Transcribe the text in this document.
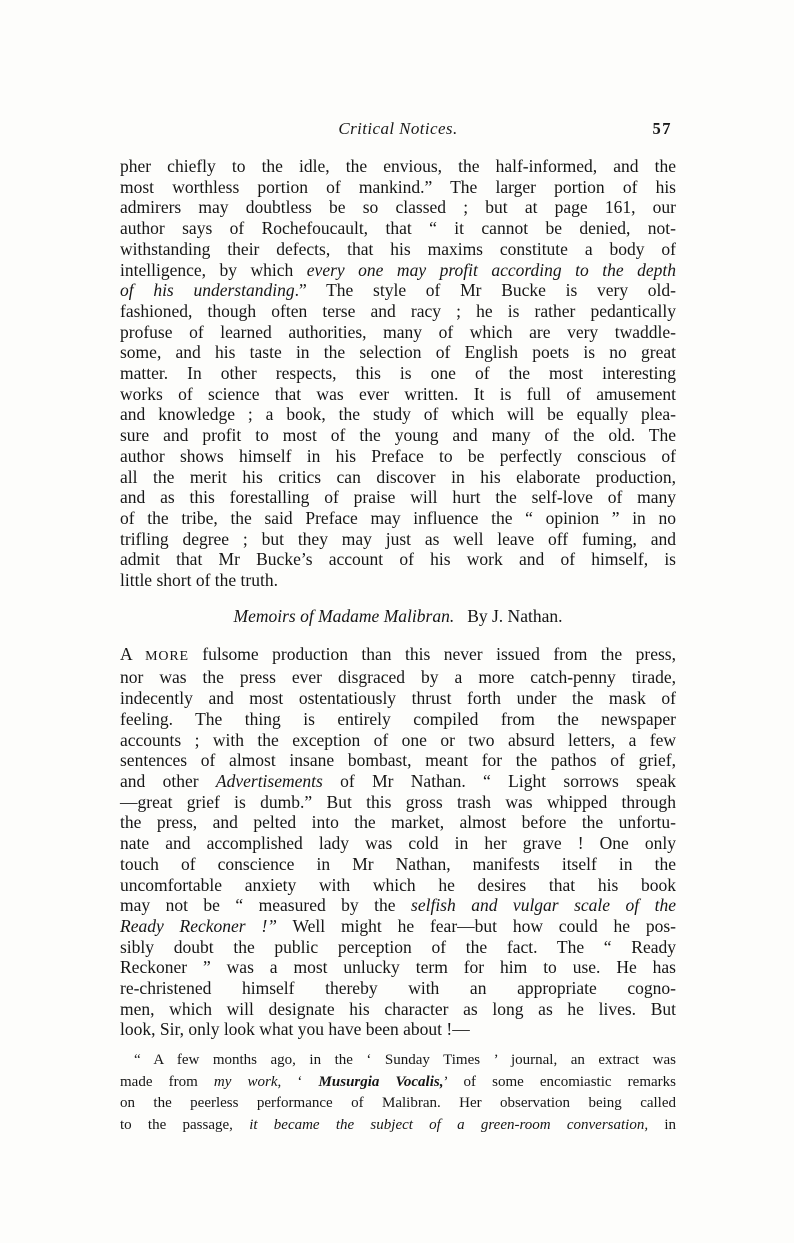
Critical Notices.	57
pher chiefly to the idle, the envious, the half-informed, and the
most worthless portion of mankind.” The larger portion of his
admirers may doubtless be so classed ; but at page 161, our
author says of Rochefoucault, that “ it cannot be denied, not-
withstanding their defects, that his maxims constitute a body of
intelligence, by which every one may profit according to the depth
of his understanding.” The style of Mr Bucke is very old-
fashioned, though often terse and racy ; he is rather pedantically
profuse of learned authorities, many of which are very twaddle-
some, and his taste in the selection of English poets is no great
matter. In other respects, this is one of the most interesting
works of science that was ever written. It is full of amusement
and knowledge ; a book, the study of which will be equally plea-
sure and profit to most of the young and many of the old. The
author shows himself in his Preface to be perfectly conscious of
all the merit his critics can discover in his elaborate production,
and as this forestalling of praise will hurt the self-love of many
of the tribe, the said Preface may influence the “ opinion ” in no
trifling degree ; but they may just as well leave off fuming, and
admit that Mr Bucke’s account of his work and of himself, is
little short of the truth.
Memoirs of Madame Malibran. By J. Nathan.
A MORE fulsome production than this never issued from the press,
nor was the press ever disgraced by a more catch-penny tirade,
indecently and most ostentatiously thrust forth under the mask of
feeling. The thing is entirely compiled from the newspaper
accounts ; with the exception of one or two absurd letters, a few
sentences of almost insane bombast, meant for the pathos of grief,
and other Advertisements of Mr Nathan. “ Light sorrows speak
—great grief is dumb.” But this gross trash was whipped through
the press, and pelted into the market, almost before the unfortu-
nate and accomplished lady was cold in her grave ! One only
touch of conscience in Mr Nathan, manifests itself in the
uncomfortable anxiety with which he desires that his book
may not be “ measured by the selfish and vulgar scale of the
Ready Reckoner !” Well might he fear—but how could he pos-
sibly doubt the public perception of the fact. The “ Ready
Reckoner ” was a most unlucky term for him to use. He has
re-christened himself thereby with an appropriate cogno-
men, which will designate his character as long as he lives. But
look, Sir, only look what you have been about !—
“ A few months ago, in the ‘ Sunday Times ’ journal, an extract was
made from my work, ‘ Musurgia Vocalis,’ of some encomiastic remarks
on the peerless performance of Malibran. Her observation being called
to the passage, it became the subject of a green-room conversation, in
